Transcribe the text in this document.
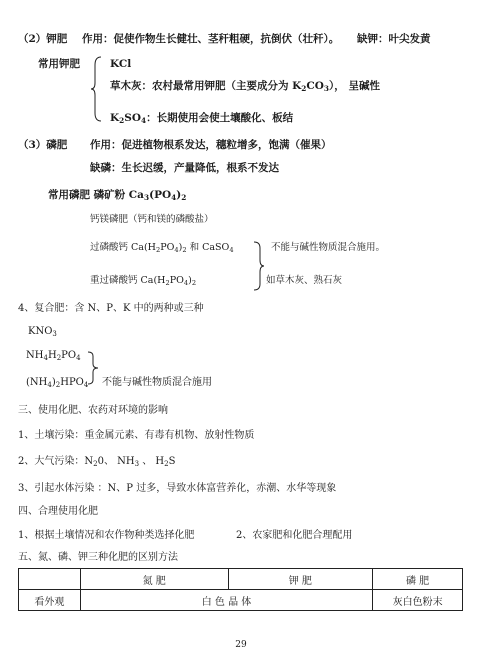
（2）钾肥 作用：促使作物生长健壮、茎秆粗硬，抗倒伏（壮秆）。 缺钾：叶尖发黄
常用钾肥	KCl
草木灰：农村最常用钾肥（主要成分为 $K_2CO_3$）， 呈碱性
$K_2SO_4$：长期使用会使土壤酸化、板结
（3）磷肥 作用：促进植物根系发达，穗粒增多，饱满（催果）
缺磷：生长迟缓，产量降低，根系不发达
常用磷肥 磷矿粉 $Ca_3(PO_4)_2$
钙镁磷肥（钙和镁的磷酸盐）
过磷酸钙 $Ca(H_2PO_4)_2$ 和 CaSO$_4$
重过磷酸钙 $Ca(H_2PO_4)_2$
不能与碱性物质混合施用。
如草木灰、熟石灰
4、复合肥：含 N、P、K 中的两种或三种
$KNO_3$
$NH_4H_2PO_4$
$(NH_4)_2HPO_4$ 不能与碱性物质混合施用
三、使用化肥、农药对环境的影响
1、土壤污染：重金属元素、有毒有机物、放射性物质
2、大气污染：$N_20$、 $NH_3$ 、 $H_2S$
3、引起水体污染 ：N、P 过多，导致水体富营养化，赤潮、水华等现象
四、合理使用化肥
1、根据土壤情况和农作物种类选择化肥	2、农家肥和化肥合理配用
五、氮、磷、钾三种化肥的区别方法
	氮 肥	钾 肥	磷 肥
看外观	白 色 晶 体		灰白色粉末
29
